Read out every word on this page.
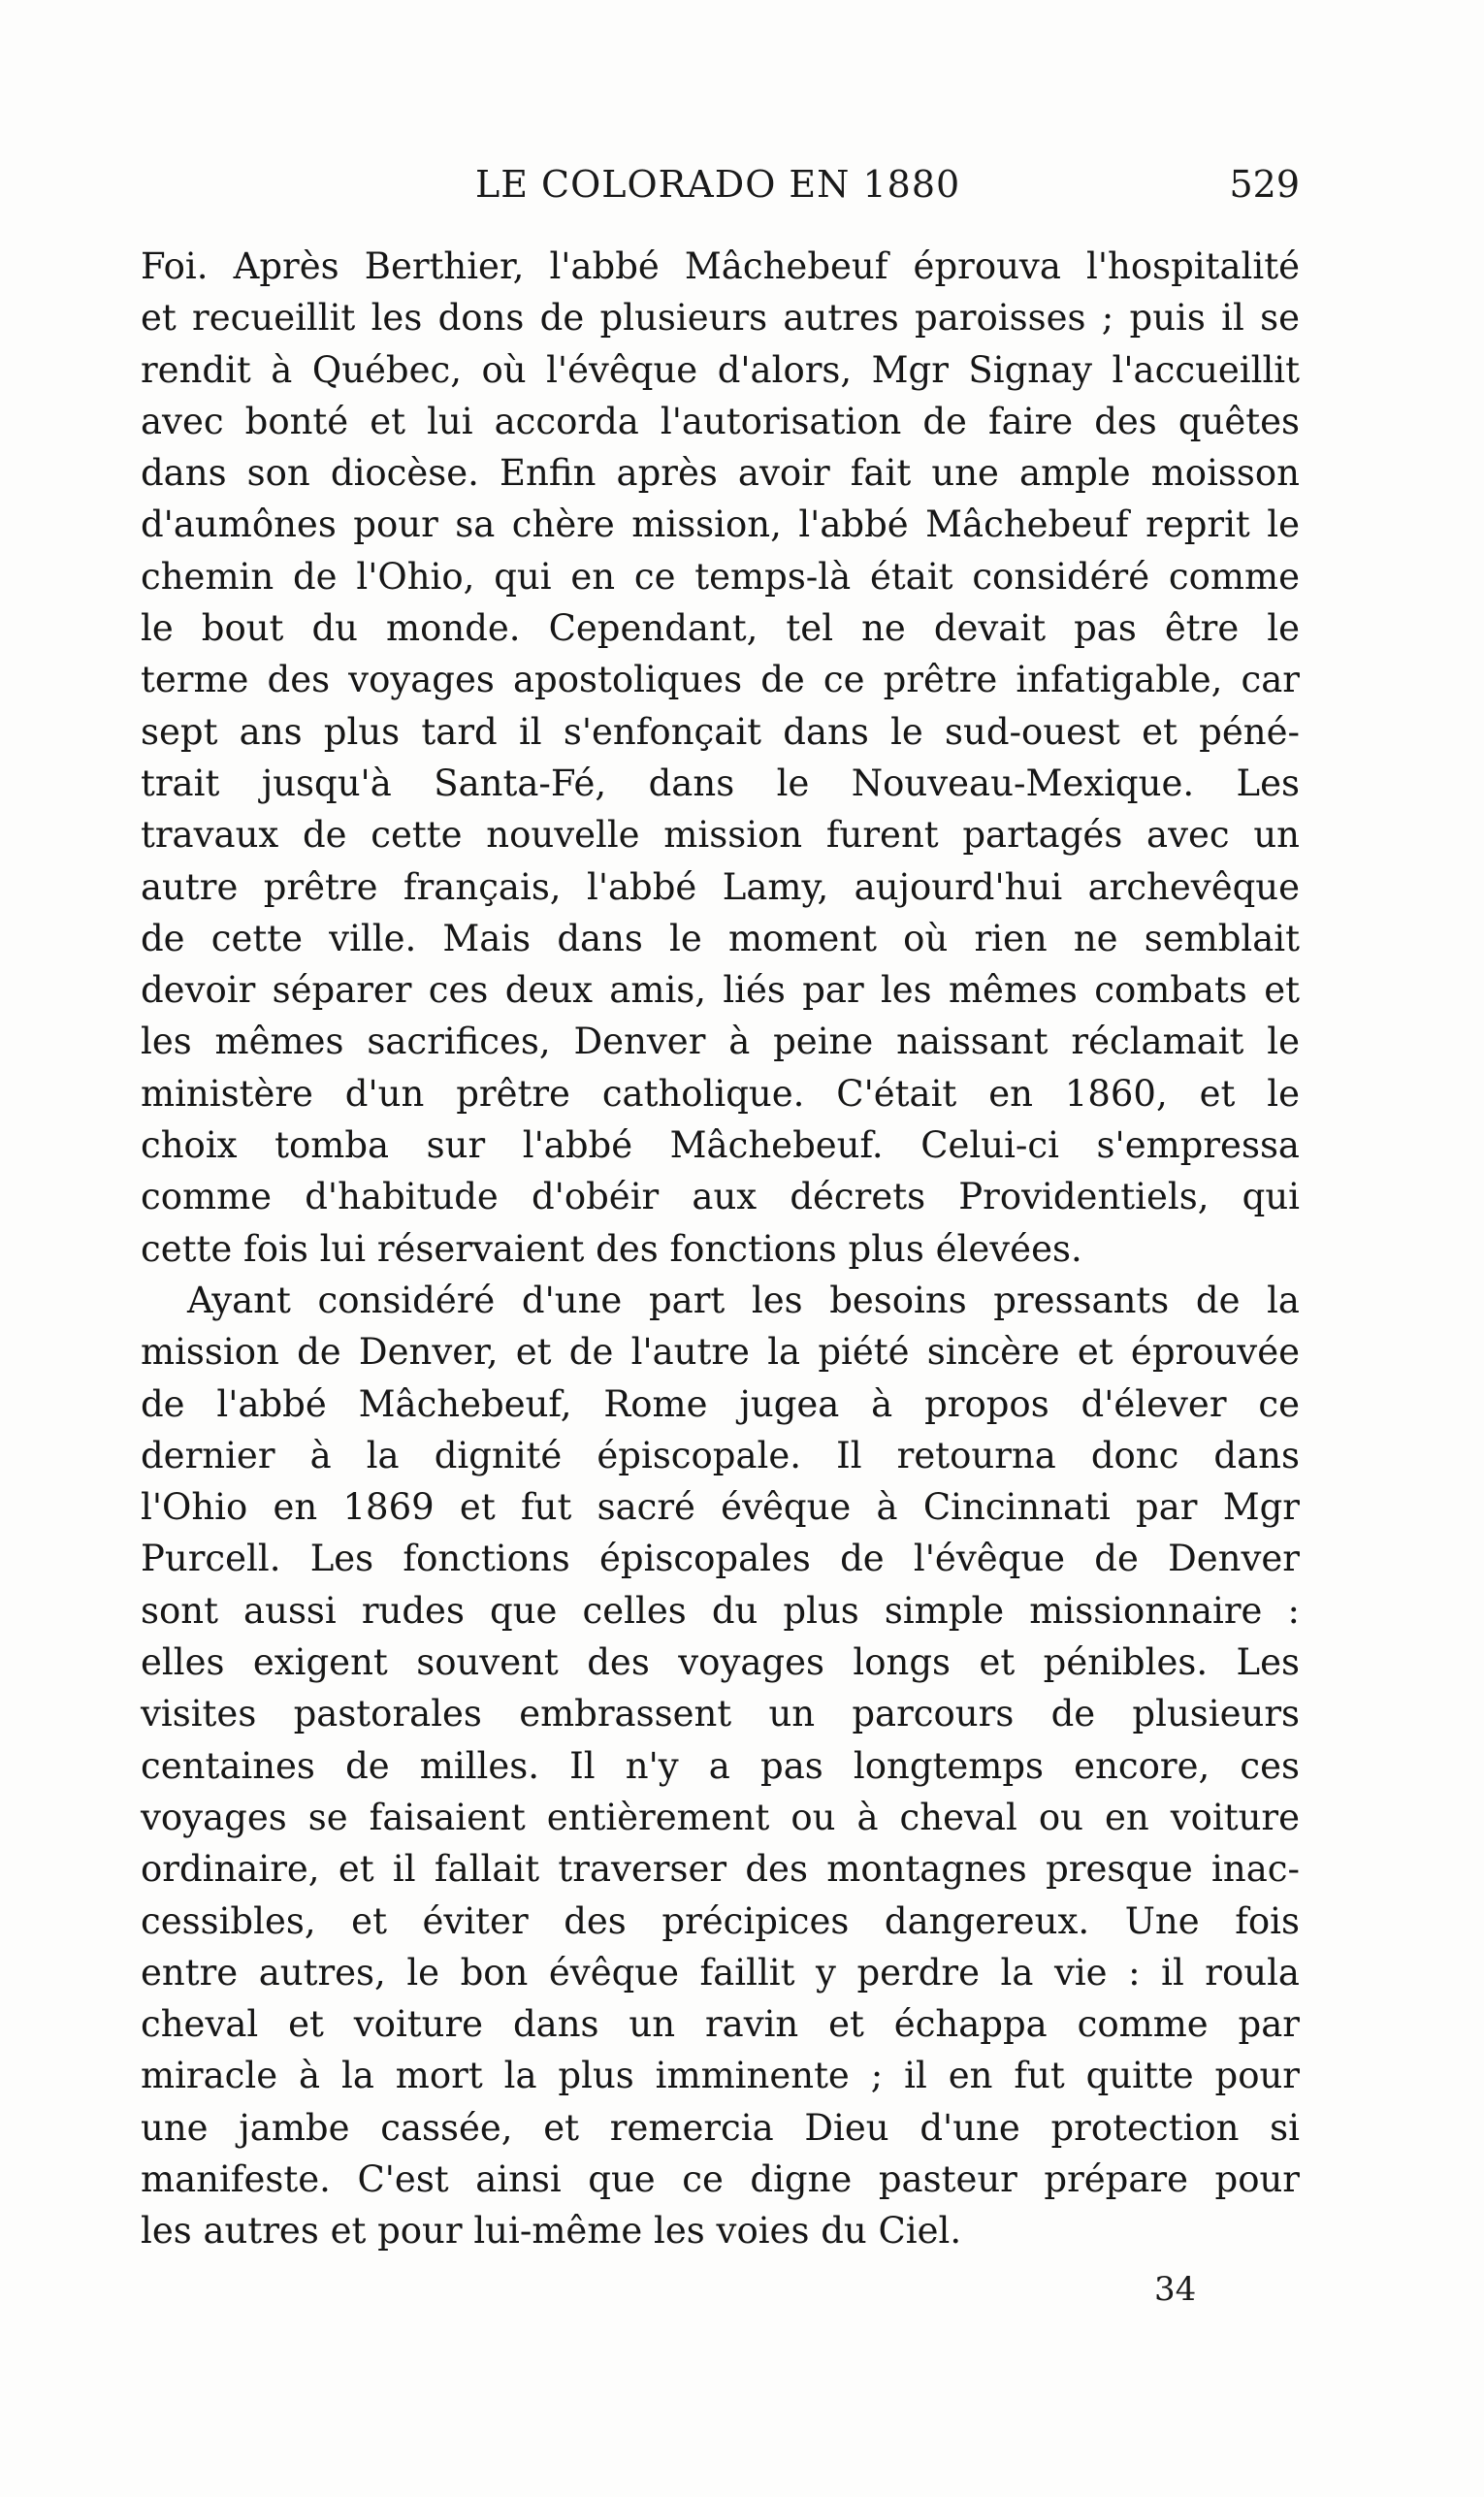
LE COLORADO EN 1880	529
Foi. Après Berthier, l'abbé Mâchebeuf éprouva l'hospitalité
et recueillit les dons de plusieurs autres paroisses ; puis il se
rendit à Québec, où l'évêque d'alors, Mgr Signay l'accueillit
avec bonté et lui accorda l'autorisation de faire des quêtes
dans son diocèse. Enfin après avoir fait une ample moisson
d'aumônes pour sa chère mission, l'abbé Mâchebeuf reprit le
chemin de l'Ohio, qui en ce temps-là était considéré comme
le bout du monde. Cependant, tel ne devait pas être le
terme des voyages apostoliques de ce prêtre infatigable, car
sept ans plus tard il s'enfonçait dans le sud-ouest et péné-
trait jusqu'à Santa-Fé, dans le Nouveau-Mexique. Les
travaux de cette nouvelle mission furent partagés avec un
autre prêtre français, l'abbé Lamy, aujourd'hui archevêque
de cette ville. Mais dans le moment où rien ne semblait
devoir séparer ces deux amis, liés par les mêmes combats et
les mêmes sacrifices, Denver à peine naissant réclamait le
ministère d'un prêtre catholique. C'était en 1860, et le
choix tomba sur l'abbé Mâchebeuf. Celui-ci s'empressa
comme d'habitude d'obéir aux décrets Providentiels, qui
cette fois lui réservaient des fonctions plus élevées.
Ayant considéré d'une part les besoins pressants de la
mission de Denver, et de l'autre la piété sincère et éprouvée
de l'abbé Mâchebeuf, Rome jugea à propos d'élever ce
dernier à la dignité épiscopale. Il retourna donc dans
l'Ohio en 1869 et fut sacré évêque à Cincinnati par Mgr
Purcell. Les fonctions épiscopales de l'évêque de Denver
sont aussi rudes que celles du plus simple missionnaire :
elles exigent souvent des voyages longs et pénibles. Les
visites pastorales embrassent un parcours de plusieurs
centaines de milles. Il n'y a pas longtemps encore, ces
voyages se faisaient entièrement ou à cheval ou en voiture
ordinaire, et il fallait traverser des montagnes presque inac-
cessibles, et éviter des précipices dangereux. Une fois
entre autres, le bon évêque faillit y perdre la vie : il roula
cheval et voiture dans un ravin et échappa comme par
miracle à la mort la plus imminente ; il en fut quitte pour
une jambe cassée, et remercia Dieu d'une protection si
manifeste. C'est ainsi que ce digne pasteur prépare pour
les autres et pour lui-même les voies du Ciel.
34
